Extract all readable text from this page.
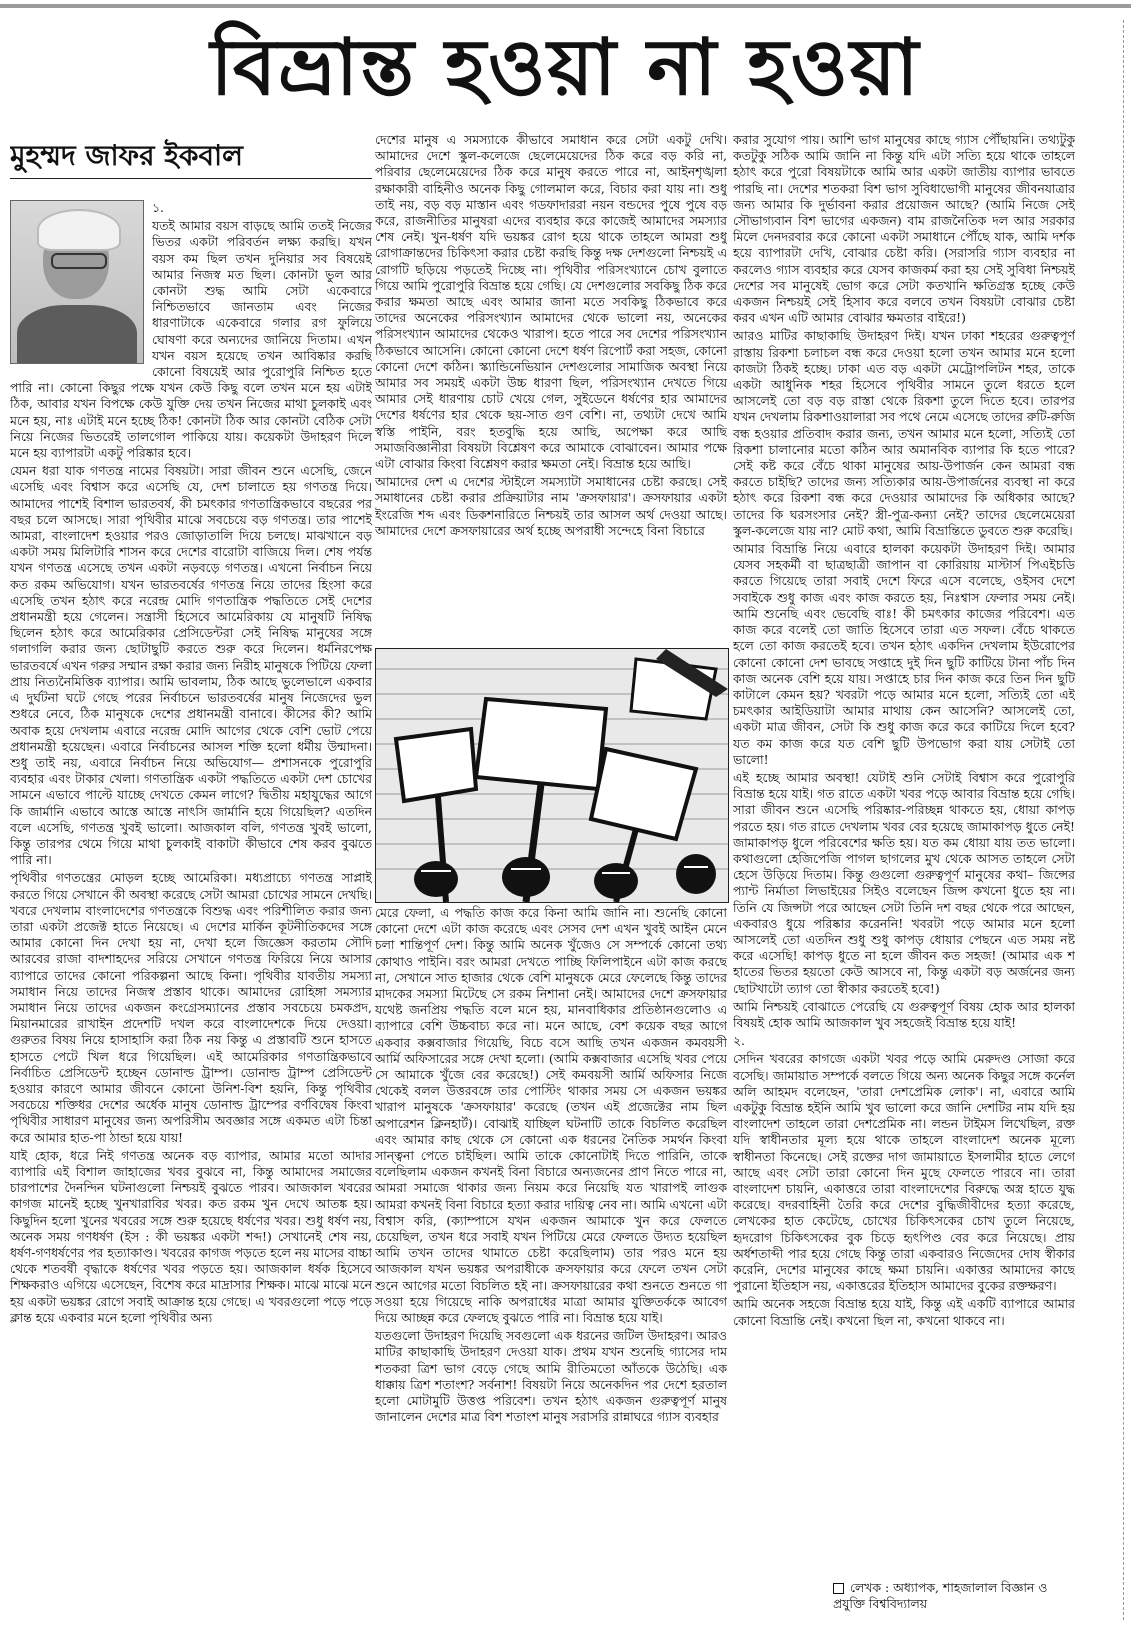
বিভ্রান্ত হওয়া না হওয়া
মুহম্মদ জাফর ইকবাল

১.

যতই আমার বয়স বাড়ছে আমি ততই নিজের ভিতর একটা পরিবর্তন লক্ষ্য করছি। যখন বয়স কম ছিল তখন দুনিয়ার সব বিষয়েই আমার নিজস্ব মত ছিল। কোনটা ভুল আর কোনটা শুদ্ধ আমি সেটা একেবারে নিশ্চিতভাবে জানতাম এবং নিজের ধারণাটাকে একেবারে গলার রগ ফুলিয়ে ঘোষণা করে অন্যদের জানিয়ে দিতাম। এখন যখন বয়স হয়েছে তখন আবিষ্কার করছি কোনো বিষয়েই আর পুরোপুরি নিশ্চিত হতে পারি না। কোনো কিছুর পক্ষে যখন কেউ কিছু বলে তখন মনে হয় এটাই ঠিক, আবার যখন বিপক্ষে কেউ যুক্তি দেয় তখন নিজের মাথা চুলকাই এবং মনে হয়, নাঃ এটাই মনে হচ্ছে ঠিক! কোনটা ঠিক আর কোনটা বেঠিক সেটা নিয়ে নিজের ভিতরেই তালগোল পাকিয়ে যায়। কয়েকটা উদাহরণ দিলে মনে হয় ব্যাপারটা একটু পরিষ্কার হবে।

যেমন ধরা যাক গণতন্ত্র নামের বিষয়টা। সারা জীবন শুনে এসেছি, জেনে এসেছি এবং বিশ্বাস করে এসেছি যে, দেশ চালাতে হয় গণতন্ত্র দিয়ে। আমাদের পাশেই বিশাল ভারতবর্ষ, কী চমৎকার গণতান্ত্রিকভাবে বছরের পর বছর চলে আসছে। সারা পৃথিবীর মাঝে সবচেয়ে বড় গণতন্ত্র। তার পাশেই আমরা, বাংলাদেশ হওয়ার পরও জোড়াতালি দিয়ে চলছে। মাঝখানে বড় একটা সময় মিলিটারি শাসন করে দেশের বারোটা বাজিয়ে দিল। শেষ পর্যন্ত যখন গণতন্ত্র এসেছে তখন একটা নড়বড়ে গণতন্ত্র। এখনো নির্বাচন নিয়ে কত রকম অভিযোগ। যখন ভারতবর্ষের গণতন্ত্র নিয়ে তাদের হিংসা করে এসেছি তখন হঠাৎ করে নরেন্দ্র মোদি গণতান্ত্রিক পদ্ধতিতে সেই দেশের প্রধানমন্ত্রী হয়ে গেলেন। সন্ত্রাসী হিসেবে আমেরিকায় যে মানুষটি নিষিদ্ধ ছিলেন হঠাৎ করে আমেরিকার প্রেসিডেন্টরা সেই নিষিদ্ধ মানুষের সঙ্গে গলাগলি করার জন্য ছোটাছুটি করতে শুরু করে দিলেন। ধর্মনিরপেক্ষ ভারতবর্ষে এখন গরুর সম্মান রক্ষা করার জন্য নিরীহ মানুষকে পিটিয়ে ফেলা প্রায় নিত্যনৈমিত্তিক ব্যাপার। আমি ভাবলাম, ঠিক আছে ভুলেভালে একবার এ দুর্ঘটনা ঘটে গেছে পরের নির্বাচনে ভারতবর্ষের মানুষ নিজেদের ভুল শুধরে নেবে, ঠিক মানুষকে দেশের প্রধানমন্ত্রী বানাবে। কীসের কী? আমি অবাক হয়ে দেখলাম এবারে নরেন্দ্র মোদি আগের থেকে বেশি ভোট পেয়ে প্রধানমন্ত্রী হয়েছেন। এবারে নির্বাচনের আসল শক্তি হলো ধর্মীয় উন্মাদনা। শুধু তাই নয়, এবারে নির্বাচন নিয়ে অভিযোগ— প্রশাসনকে পুরোপুরি ব্যবহার এবং টাকার খেলা। গণতান্ত্রিক একটা পদ্ধতিতে একটা দেশ চোখের সামনে এভাবে পাল্টে যাচ্ছে দেখতে কেমন লাগে? দ্বিতীয় মহাযুদ্ধের আগে কি জার্মানি এভাবে আস্তে আস্তে নাৎসি জার্মানি হয়ে গিয়েছিল? এতদিন বলে এসেছি, গণতন্ত্র খুবই ভালো। আজকাল বলি, গণতন্ত্র খুবই ভালো, কিন্তু তারপর থেমে গিয়ে মাথা চুলকাই বাকাটা কীভাবে শেষ করব বুঝতে পারি না।

পৃথিবীর গণতন্ত্রের মোড়ল হচ্ছে আমেরিকা। মধ্যপ্রাচ্যে গণতন্ত্র সাপ্লাই করতে গিয়ে সেখানে কী অবস্থা করেছে সেটা আমরা চোখের সামনে দেখছি। খবরে দেখলাম বাংলাদেশের গণতন্ত্রকে বিশুদ্ধ এবং পরিশীলিত করার জন্য তারা একটা প্রজেক্ট হাতে নিয়েছে। এ দেশের মার্কিন কূটনীতিকদের সঙ্গে আমার কোনো দিন দেখা হয় না, দেখা হলে জিজ্ঞেস করতাম সৌদি আরবের রাজা বাদশাহদের সরিয়ে সেখানে গণতন্ত্র ফিরিয়ে নিয়ে আসার ব্যাপারে তাদের কোনো পরিকল্পনা আছে কিনা। পৃথিবীর যাবতীয় সমস্যা সমাধান নিয়ে তাদের নিজস্ব প্রস্তাব থাকে। আমাদের রোহিঙ্গা সমস্যার সমাধান নিয়ে তাদের একজন কংগ্রেসম্যানের প্রস্তাব সবচেয়ে চমকপ্রদ, মিয়ানমারের রাখাইন প্রদেশটি দখল করে বাংলাদেশকে দিয়ে দেওয়া। গুরুতর বিষয় নিয়ে হাসাহাসি করা ঠিক নয় কিন্তু এ প্রস্তাবটি শুনে হাসতে হাসতে পেটে খিল ধরে গিয়েছিল। এই আমেরিকার গণতান্ত্রিকভাবে নির্বাচিত প্রেসিডেন্ট হচ্ছেন ডোনাল্ড ট্রাম্প। ডোনাল্ড ট্রাম্প প্রেসিডেন্ট হওয়ার কারণে আমার জীবনে কোনো উনিশ-বিশ হয়নি, কিন্তু পৃথিবীর সবচেয়ে শক্তিধর দেশের অর্ধেক মানুষ ডোনাল্ড ট্রাম্পের বর্ণবিদ্বেষ কিংবা পৃথিবীর সাধারণ মানুষের জন্য অপরিসীম অবজ্ঞার সঙ্গে একমত এটা চিন্তা করে আমার হাত-পা ঠান্ডা হয়ে যায়!

যাই হোক, ধরে নিই গণতন্ত্র অনেক বড় ব্যাপার, আমার মতো আদার ব্যাপারি এই বিশাল জাহাজের খবর বুঝবে না, কিন্তু আমাদের সমাজের চারপাশের দৈনন্দিন ঘটনাগুলো নিশ্চয়ই বুঝতে পারব। আজকাল খবরের কাগজ মানেই হচ্ছে খুনখারাবির খবর। কত রকম খুন দেখে আতঙ্ক হয়। কিছুদিন হলো খুনের খবরের সঙ্গে শুরু হয়েছে ধর্ষণের খবর। শুধু ধর্ষণ নয়, অনেক সময় গণধর্ষণ (ইস : কী ভয়ঙ্কর একটা শব্দ!) সেখানেই শেষ নয়, ধর্ষণ-গণধর্ষণের পর হত্যাকাণ্ড। খবরের কাগজ পড়তে হলে নয় মাসের বাচ্চা থেকে শতবর্ষী বৃদ্ধাকে ধর্ষণের খবর পড়তে হয়। আজকাল ধর্ষক হিসেবে শিক্ষকরাও এগিয়ে এসেছেন, বিশেষ করে মাদ্রাসার শিক্ষক। মাঝে মাঝে মনে হয় একটা ভয়ঙ্কর রোগে সবাই আক্রান্ত হয়ে গেছে। এ খবরগুলো পড়ে পড়ে ক্লান্ত হয়ে একবার মনে হলো পৃথিবীর অন্য

দেশের মানুষ এ সমস্যাকে কীভাবে সমাধান করে সেটা একটু দেখি। আমাদের দেশে স্কুল-কলেজে ছেলেমেয়েদের ঠিক করে বড় করি না, পরিবার ছেলেমেয়েদের ঠিক করে মানুষ করতে পারে না, আইনশৃঙ্খলা রক্ষাকারী বাহিনীও অনেক কিছু গোলমাল করে, বিচার করা যায় না। শুধু তাই নয়, বড় বড় মাস্তান এবং গডফাদাররা নয়ন বন্ডদের পুষে পুষে বড় করে, রাজনীতির মানুষরা এদের ব্যবহার করে কাজেই আমাদের সমস্যার শেষ নেই। খুন-ধর্ষণ যদি ভয়ঙ্কর রোগ হয়ে থাকে তাহলে আমরা শুধু রোগাক্রান্তদের চিকিৎসা করার চেষ্টা করছি কিন্তু দক্ষ দেশগুলো নিশ্চয়ই এ রোগটি ছড়িয়ে পড়তেই দিচ্ছে না। পৃথিবীর পরিসংখ্যানে চোখ বুলাতে গিয়ে আমি পুরোপুরি বিভ্রান্ত হয়ে গেছি। যে দেশগুলোর সবকিছু ঠিক করে করার ক্ষমতা আছে এবং আমার জানা মতে সবকিছু ঠিকভাবে করে তাদের অনেকের পরিসংখ্যান আমাদের থেকে ভালো নয়, অনেকের পরিসংখ্যান আমাদের থেকেও খারাপ। হতে পারে সব দেশের পরিসংখ্যান ঠিকভাবে আসেনি। কোনো কোনো দেশে ধর্ষণ রিপোর্ট করা সহজ, কোনো কোনো দেশে কঠিন। স্ক্যান্ডিনেভিয়ান দেশগুলোর সামাজিক অবস্থা নিয়ে আমার সব সময়ই একটা উচ্চ ধারণা ছিল, পরিসংখ্যান দেখতে গিয়ে আমার সেই ধারণায় চোট খেয়ে গেল, সুইডেনে ধর্ষণের হার আমাদের দেশের ধর্ষণের হার থেকে ছয়-সাত গুণ বেশি। না, তথ্যটা দেখে আমি স্বস্তি পাইনি, বরং হতবুদ্ধি হয়ে আছি, অপেক্ষা করে আছি সমাজবিজ্ঞানীরা বিষয়টা বিশ্লেষণ করে আমাকে বোঝাবেন। আমার পক্ষে এটা বোঝার কিংবা বিশ্লেষণ করার ক্ষমতা নেই। বিভ্রান্ত হয়ে আছি।

আমাদের দেশ এ দেশের স্টাইলে সমস্যাটা সমাধানের চেষ্টা করছে। সেই সমাধানের চেষ্টা করার প্রক্রিয়াটার নাম 'ক্রসফায়ার'। ক্রসফায়ার একটা ইংরেজি শব্দ এবং ডিকশনারিতে নিশ্চয়ই তার আসল অর্থ দেওয়া আছে। আমাদের দেশে ক্রসফায়ারের অর্থ হচ্ছে অপরাধী সন্দেহে বিনা বিচারে

মেরে ফেলা, এ পদ্ধতি কাজ করে কিনা আমি জানি না। শুনেছি কোনো কোনো দেশে এটা কাজ করেছে এবং সেসব দেশ এখন খুবই আইন মেনে চলা শান্তিপূর্ণ দেশ। কিন্তু আমি অনেক খুঁজেও সে সম্পর্কে কোনো তথ্য কোথাও পাইনি। বরং আমরা দেখতে পাচ্ছি ফিলিপাইনে এটা কাজ করছে না, সেখানে সাত হাজার থেকে বেশি মানুষকে মেরে ফেলেছে কিন্তু তাদের মাদকের সমস্যা মিটেছে সে রকম নিশানা নেই। আমাদের দেশে ক্রসফায়ার যথেষ্ট জনপ্রিয় পদ্ধতি বলে মনে হয়, মানবাধিকার প্রতিষ্ঠানগুলোও এ ব্যাপারে বেশি উচ্চবাচ্য করে না। মনে আছে, বেশ কয়েক বছর আগে একবার কক্সবাজার গিয়েছি, বিচে বসে আছি তখন একজন কমবয়সী আর্মি অফিসারের সঙ্গে দেখা হলো। (আমি কক্সবাজার এসেছি খবর পেয়ে সে আমাকে খুঁজে বের করেছে!) সেই কমবয়সী আর্মি অফিসার নিজে থেকেই বলল উত্তরবঙ্গে তার পোস্টিং থাকার সময় সে একজন ভয়ঙ্কর খারাপ মানুষকে 'ক্রসফায়ার' করেছে (তখন এই প্রজেক্টের নাম ছিল অপারেশন ক্লিনহার্ট)। বোঝাই যাচ্ছিল ঘটনাটি তাকে বিচলিত করেছিল এবং আমার কাছ থেকে সে কোনো এক ধরনের নৈতিক সমর্থন কিংবা সান্ত্বনা পেতে চাইছিল। আমি তাকে কোনোটাই দিতে পারিনি, তাকে বলেছিলাম একজন কখনই বিনা বিচারে অন্যজনের প্রাণ নিতে পারে না, আমরা সমাজে থাকার জন্য নিয়ম করে নিয়েছি যত খারাপই লাগুক আমরা কখনই বিনা বিচারে হত্যা করার দায়িত্ব নেব না। আমি এখনো এটা বিশ্বাস করি, (ক্যাম্পাসে যখন একজন আমাকে খুন করে ফেলতে চেয়েছিল, তখন ধরে সবাই যখন পিটিয়ে মেরে ফেলতে উদ্যত হয়েছিল আমি তখন তাদের থামাতে চেষ্টা করেছিলাম) তার পরও মনে হয় আজকাল যখন ভয়ঙ্কর অপরাধীকে ক্রসফায়ার করে ফেলে তখন সেটা শুনে আগের মতো বিচলিত হই না। ক্রসফায়ারের কথা শুনতে শুনতে গা সওয়া হয়ে গিয়েছে নাকি অপরাধের মাত্রা আমার যুক্তিতর্ককে আবেগ দিয়ে আচ্ছন্ন করে ফেলছে বুঝতে পারি না। বিভ্রান্ত হয়ে যাই।

যতগুলো উদাহরণ দিয়েছি সবগুলো এক ধরনের জটিল উদাহরণ। আরও মাটির কাছাকাছি উদাহরণ দেওয়া যাক। প্রথম যখন শুনেছি গ্যাসের দাম শতকরা ত্রিশ ভাগ বেড়ে গেছে আমি রীতিমতো আঁতকে উঠেছি। এক ধাক্কায় ত্রিশ শতাংশ? সর্বনাশ! বিষয়টা নিয়ে অনেকদিন পর দেশে হরতাল হলো মোটামুটি উত্তপ্ত পরিবেশ। তখন হঠাৎ একজন গুরুত্বপূর্ণ মানুষ জানালেন দেশের মাত্র বিশ শতাংশ মানুষ সরাসরি রান্নাঘরে গ্যাস ব্যবহার

করার সুযোগ পায়। আশি ভাগ মানুষের কাছে গ্যাস পৌঁছায়নি। তথ্যটুকু কতটুকু সঠিক আমি জানি না কিন্তু যদি এটা সত্যি হয়ে থাকে তাহলে হঠাৎ করে পুরো বিষয়টাকে আমি আর একটা জাতীয় ব্যাপার ভাবতে পারছি না। দেশের শতকরা বিশ ভাগ সুবিধাভোগী মানুষের জীবনযাত্রার জন্য আমার কি দুর্ভাবনা করার প্রয়োজন আছে? (আমি নিজে সেই সৌভাগ্যবান বিশ ভাগের একজন) বাম রাজনৈতিক দল আর সরকার মিলে দেনদরবার করে কোনো একটা সমাধানে পৌঁছে যাক, আমি দর্শক হয়ে ব্যাপারটা দেখি, বোঝার চেষ্টা করি। (সরাসরি গ্যাস ব্যবহার না করলেও গ্যাস ব্যবহার করে যেসব কাজকর্ম করা হয় সেই সুবিধা নিশ্চয়ই দেশের সব মানুষেই ভোগ করে সেটা কতখানি ক্ষতিগ্রস্ত হচ্ছে কেউ একজন নিশ্চয়ই সেই হিসাব করে বলবে তখন বিষয়টা বোঝার চেষ্টা করব এখন এটি আমার বোঝার ক্ষমতার বাইরে!)

আরও মাটির কাছাকাছি উদাহরণ দিই। যখন ঢাকা শহরের গুরুত্বপূর্ণ রাস্তায় রিকশা চলাচল বন্ধ করে দেওয়া হলো তখন আমার মনে হলো কাজটা ঠিকই হচ্ছে। ঢাকা এত বড় একটা মেট্রোপলিটন শহর, তাকে একটা আধুনিক শহর হিসেবে পৃথিবীর সামনে তুলে ধরতে হলে আসলেই তো বড় বড় রাস্তা থেকে রিকশা তুলে দিতে হবে। তারপর যখন দেখলাম রিকশাওয়ালারা সব পথে নেমে এসেছে তাদের রুটি-রুজি বন্ধ হওয়ার প্রতিবাদ করার জন্য, তখন আমার মনে হলো, সত্যিই তো রিকশা চালানোর মতো কঠিন আর অমানবিক ব্যাপার কি হতে পারে? সেই কষ্ট করে বেঁচে থাকা মানুষের আয়-উপার্জন কেন আমরা বন্ধ করতে চাইছি? তাদের জন্য সত্যিকার আয়-উপার্জনের ব্যবস্থা না করে হঠাৎ করে রিকশা বন্ধ করে দেওয়ার আমাদের কি অধিকার আছে? তাদের কি ঘরসংসার নেই? স্ত্রী-পুত্র-কন্যা নেই? তাদের ছেলেমেয়েরা স্কুল-কলেজে যায় না? মোট কথা, আমি বিভ্রান্তিতে ডুবতে শুরু করেছি।

আমার বিভ্রান্তি নিয়ে এবারে হালকা কয়েকটা উদাহরণ দিই। আমার যেসব সহকর্মী বা ছাত্রছাত্রী জাপান বা কোরিয়ায় মাস্টার্স পিএইচডি করতে গিয়েছে তারা সবাই দেশে ফিরে এসে বলেছে, ওইসব দেশে সবাইকে শুধু কাজ এবং কাজ করতে হয়, নিঃশ্বাস ফেলার সময় নেই। আমি শুনেছি এবং ভেবেছি বাঃ! কী চমৎকার কাজের পরিবেশ। এত কাজ করে বলেই তো জাতি হিসেবে তারা এত সফল। বেঁচে থাকতে হলে তো কাজ করতেই হবে। তখন হঠাৎ একদিন দেখলাম ইউরোপের কোনো কোনো দেশ ভাবছে সপ্তাহে দুই দিন ছুটি কাটিয়ে টানা পাঁচ দিন কাজ অনেক বেশি হয়ে যায়। সপ্তাহে চার দিন কাজ করে তিন দিন ছুটি কাটালে কেমন হয়? খবরটা পড়ে আমার মনে হলো, সত্যিই তো এই চমৎকার আইডিয়াটা আমার মাথায় কেন আসেনি? আসলেই তো, একটা মাত্র জীবন, সেটা কি শুধু কাজ করে করে কাটিয়ে দিলে হবে? যত কম কাজ করে যত বেশি ছুটি উপভোগ করা যায় সেটাই তো ভালো!

এই হচ্ছে আমার অবস্থা! যেটাই শুনি সেটাই বিশ্বাস করে পুরোপুরি বিভ্রান্ত হয়ে যাই। গত রাতে একটা খবর পড়ে আবার বিভ্রান্ত হয়ে গেছি। সারা জীবন শুনে এসেছি পরিষ্কার-পরিচ্ছন্ন থাকতে হয়, ধোয়া কাপড় পরতে হয়। গত রাতে দেখলাম খবর বের হয়েছে জামাকাপড় ধুতে নেই! জামাকাপড় ধুলে পরিবেশের ক্ষতি হয়। যত কম ধোয়া যায় তত ভালো। কথাগুলো হেজিপেজি পাগল ছাগলের মুখ থেকে আসত তাহলে সেটা হেসে উড়িয়ে দিতাম। কিন্তু গুগুলো গুরুত্বপূর্ণ মানুষের কথা– জিন্সের প্যান্ট নির্মাতা লিভাইয়ের সিইও বলেছেন জিন্স কখনো ধুতে হয় না। তিনি যে জিন্সটা পরে আছেন সেটা তিনি দশ বছর থেকে পরে আছেন, একবারও ধুয়ে পরিষ্কার করেননি! খবরটা পড়ে আমার মনে হলো আসলেই তো এতদিন শুধু শুধু কাপড় ধোয়ার পেছনে এত সময় নষ্ট করে এসেছি! কাপড় ধুতে না হলে জীবন কত সহজ! (আমার এক শ হাতের ভিতর হয়তো কেউ আসবে না, কিন্তু একটা বড় অর্জনের জন্য ছোটখাটো ত্যাগ তো স্বীকার করতেই হবে!)

আমি নিশ্চয়ই বোঝাতে পেরেছি যে গুরুত্বপূর্ণ বিষয় হোক আর হালকা বিষয়ই হোক আমি আজকাল খুব সহজেই বিভ্রান্ত হয়ে যাই!

২.

সেদিন খবরের কাগজে একটা খবর পড়ে আমি মেরুদণ্ড সোজা করে বসেছি। জামায়াত সম্পর্কে বলতে গিয়ে অন্য অনেক কিছুর সঙ্গে কর্নেল অলি আহমদ বলেছেন, 'তারা দেশপ্রেমিক লোক'। না, এবারে আমি একটুকু বিভ্রান্ত হইনি আমি খুব ভালো করে জানি দেশটির নাম যদি হয় বাংলাদেশ তাহলে তারা দেশপ্রেমিক না। লন্ডন টাইমস লিখেছিল, রক্ত যদি স্বাধীনতার মূল্য হয়ে থাকে তাহলে বাংলাদেশ অনেক মূল্যে স্বাধীনতা কিনেছে। সেই রক্তের দাগ জামায়াতে ইসলামীর হাতে লেগে আছে এবং সেটা তারা কোনো দিন মুছে ফেলতে পারবে না। তারা বাংলাদেশ চায়নি, একাত্তরে তারা বাংলাদেশের বিরুদ্ধে অস্ত্র হাতে যুদ্ধ করেছে। বদরবাহিনী তৈরি করে দেশের বুদ্ধিজীবীদের হত্যা করেছে, লেখকের হাত কেটেছে, চোখের চিকিৎসকের চোখ তুলে নিয়েছে, হৃদরোগ চিকিৎসকের বুক চিড়ে হৃৎপিণ্ড বের করে নিয়েছে। প্রায় অর্ধশতাব্দী পার হয়ে গেছে কিন্তু তারা একবারও নিজেদের দোষ স্বীকার করেনি, দেশের মানুষের কাছে ক্ষমা চায়নি। একাত্তর আমাদের কাছে পুরানো ইতিহাস নয়, একাত্তরের ইতিহাস আমাদের বুকের রক্তক্ষরণ।

আমি অনেক সহজে বিভ্রান্ত হয়ে যাই, কিন্তু এই একটি ব্যাপারে আমার কোনো বিভ্রান্তি নেই। কখনো ছিল না, কখনো থাকবে না।

লেখক : অধ্যাপক, শাহজালাল বিজ্ঞান ও প্রযুক্তি বিশ্ববিদ্যালয়
